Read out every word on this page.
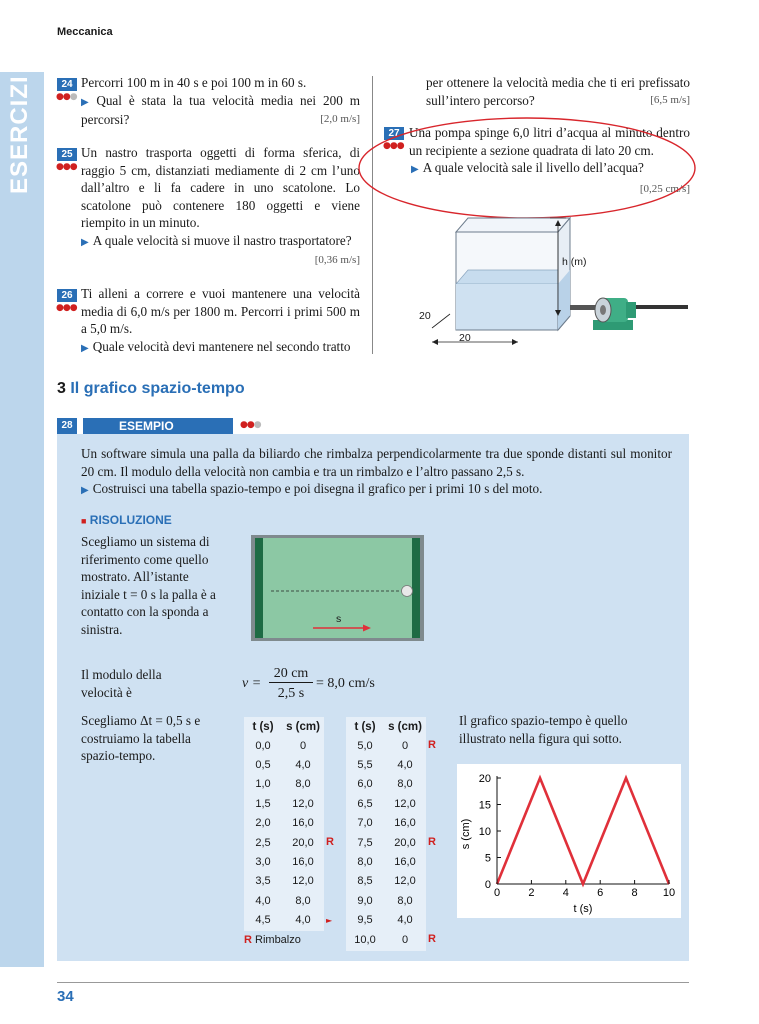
Meccanica
ESERCIZI	24
●●●
Percorri 100 m in 40 s e poi 100 m in 60 s.
▶ Qual è stata la tua velocità media nei 200 m percorsi?	[2,0 m/s]
25
●●●
Un nastro trasporta oggetti di forma sferica, di raggio 5 cm, distanziati mediamente di 2 cm l’uno dall’altro e li fa cadere in uno scatolone. Lo scatolone può contenere 180 oggetti e viene riempito in un minuto.
▶ A quale velocità si muove il nastro trasportatore?
[0,36 m/s]
26
●●●
Ti alleni a correre e vuoi mantenere una velocità media di 6,0 m/s per 1800 m. Percorri i primi 500 m a 5,0 m/s.
▶ Quale velocità devi mantenere nel secondo tratto
per ottenere la velocità media che ti eri prefissato sull’intero percorso?	[6,5 m/s]
27
●●●
Una pompa spinge 6,0 litri d’acqua al minuto dentro un recipiente a sezione quadrata di lato 20 cm.
▶ A quale velocità sale il livello dell’acqua?
[0,25 cm/s]
h (m)
20
20
3 Il grafico spazio-tempo
28	ESEMPIO	●●●
Un software simula una palla da biliardo che rimbalza perpendicolarmente tra due sponde distanti sul monitor 20 cm. Il modulo della velocità non cambia e tra un rimbalzo e l’altro passano 2,5 s.
▶ Costruisci una tabella spazio-tempo e poi disegna il grafico per i primi 10 s del moto.
■ RISOLUZIONE
Scegliamo un sistema di riferimento come quello mostrato. All’istante iniziale t = 0 s la palla è a contatto con la sponda a sinistra.
s
Il modulo della velocità è
v =
20 cm
2,5 s
= 8,0 cm/s
Scegliamo Δt = 0,5 s e costruiamo la tabella spazio-tempo.
t (s)	s (cm)
0,0	0
0,5	4,0
1,0	8,0
1,5	12,0
2,0	16,0
2,5	20,0
3,0	16,0
3,5	12,0
4,0	8,0
4,5	4,0
R
►
t (s)	s (cm)
5,0	0
5,5	4,0
6,0	8,0
6,5	12,0
7,0	16,0
7,5	20,0
8,0	16,0
8,5	12,0
9,0	8,0
9,5	4,0
10,0	0
R
R
R
R Rimbalzo
Il grafico spazio-tempo è quello illustrato nella figura qui sotto.
0	2	4	6	8 10
0
5
10
15
20
t (s)
s (cm)
34
